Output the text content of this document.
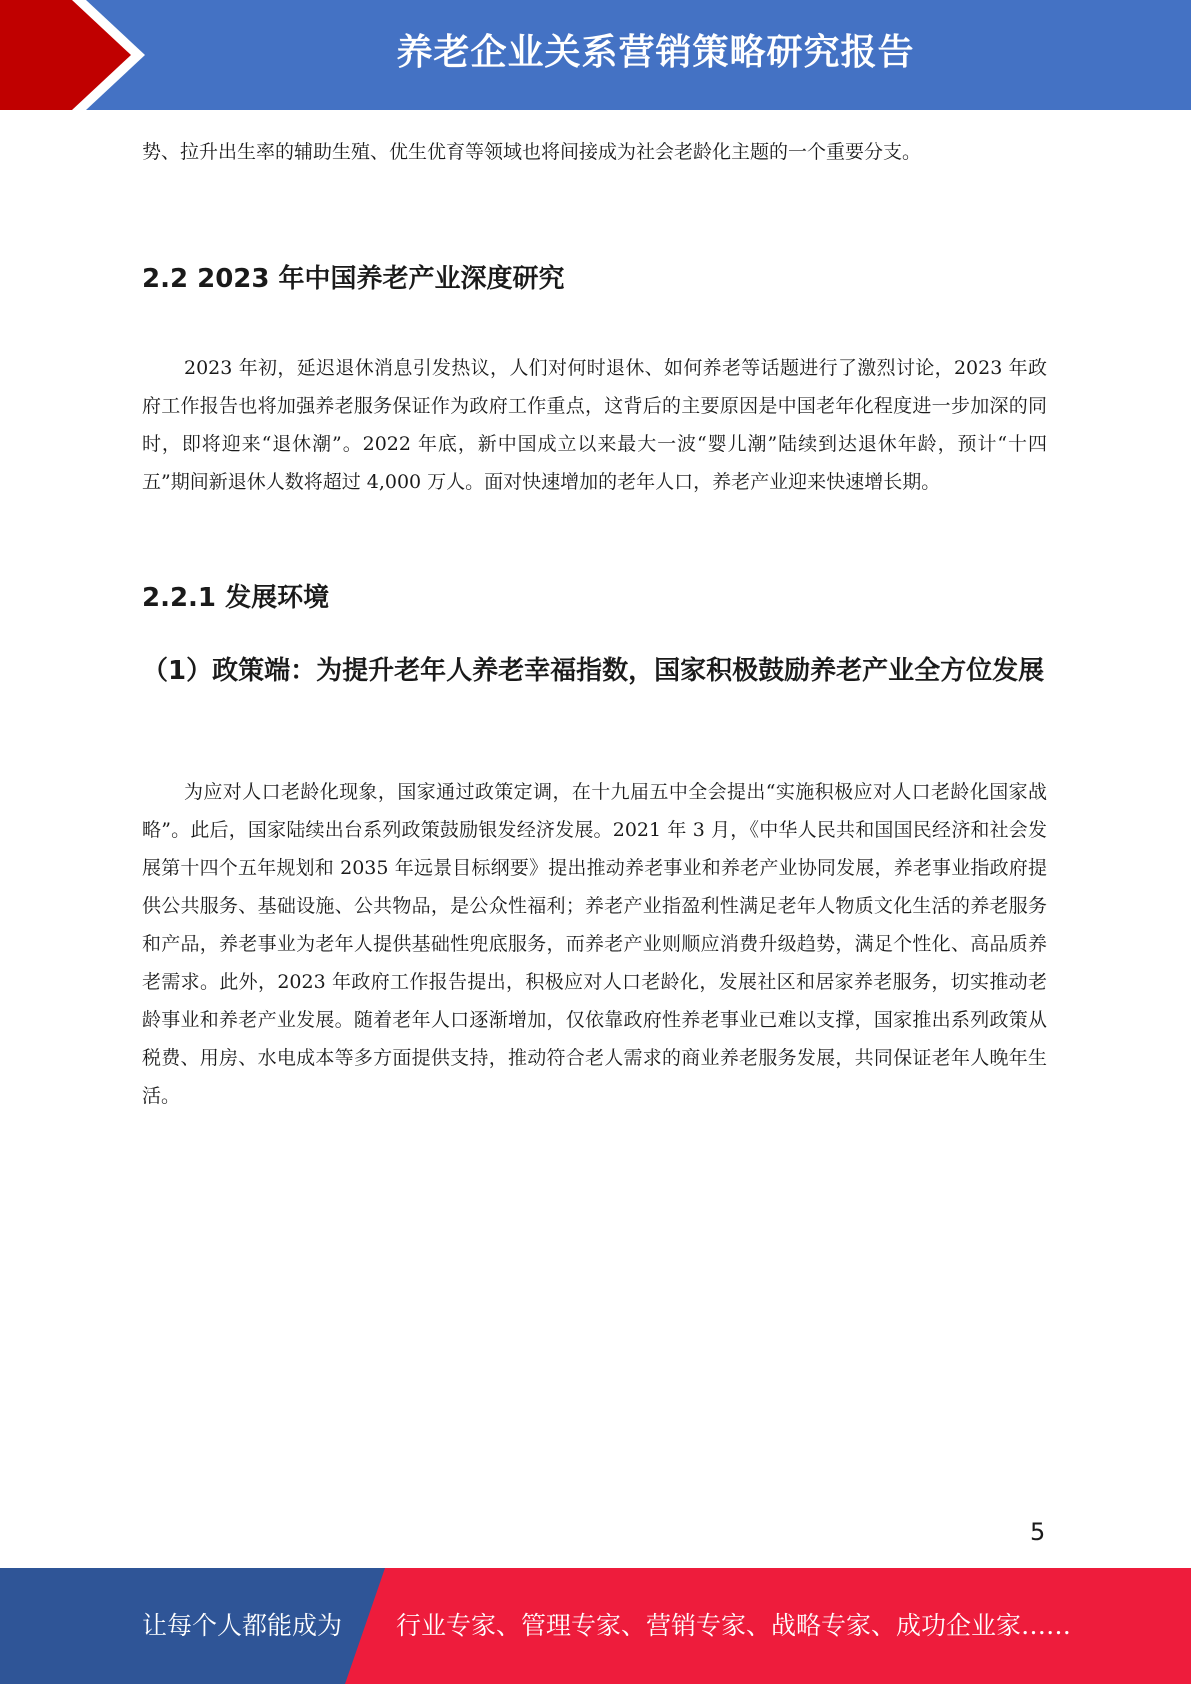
养老企业关系营销策略研究报告

势、拉升出生率的辅助生殖、优生优育等领域也将间接成为社会老龄化主题的一个重要分支。

2.2 2023 年中国养老产业深度研究

2023 年初，延迟退休消息引发热议，人们对何时退休、如何养老等话题进行了激烈讨论，2023 年政府工作报告也将加强养老服务保证作为政府工作重点，这背后的主要原因是中国老年化程度进一步加深的同时，即将迎来“退休潮”。2022 年底，新中国成立以来最大一波“婴儿潮”陆续到达退休年龄，预计“十四五”期间新退休人数将超过 4,000 万人。面对快速增加的老年人口，养老产业迎来快速增长期。

2.2.1 发展环境
（1）政策端：为提升老年人养老幸福指数，国家积极鼓励养老产业全方位发展

为应对人口老龄化现象，国家通过政策定调，在十九届五中全会提出“实施积极应对人口老龄化国家战略”。此后，国家陆续出台系列政策鼓励银发经济发展。2021 年 3 月，《中华人民共和国国民经济和社会发展第十四个五年规划和 2035 年远景目标纲要》提出推动养老事业和养老产业协同发展，养老事业指政府提供公共服务、基础设施、公共物品，是公众性福利；养老产业指盈利性满足老年人物质文化生活的养老服务和产品，养老事业为老年人提供基础性兜底服务，而养老产业则顺应消费升级趋势，满足个性化、高品质养老需求。此外，2023 年政府工作报告提出，积极应对人口老龄化，发展社区和居家养老服务，切实推动老龄事业和养老产业发展。随着老年人口逐渐增加，仅依靠政府性养老事业已难以支撑，国家推出系列政策从税费、用房、水电成本等多方面提供支持，推动符合老人需求的商业养老服务发展，共同保证老年人晚年生活。

5
让每个人都能成为 行业专家、管理专家、营销专家、战略专家、成功企业家……
